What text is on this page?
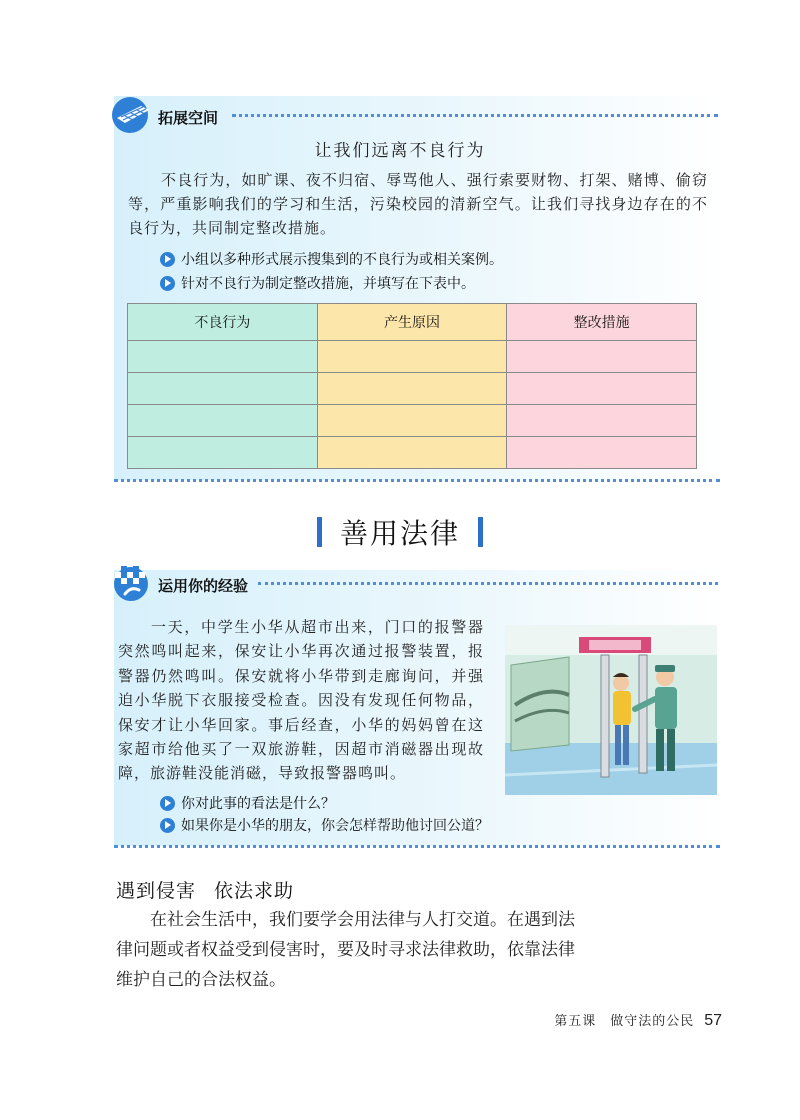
拓展空间
让我们远离不良行为
不良行为，如旷课、夜不归宿、辱骂他人、强行索要财物、打架、赌博、偷窃等，严重影响我们的学习和生活，污染校园的清新空气。让我们寻找身边存在的不良行为，共同制定整改措施。
小组以多种形式展示搜集到的不良行为或相关案例。
针对不良行为制定整改措施，并填写在下表中。
不良行为	产生原因	整改措施

善用法律
运用你的经验
一天，中学生小华从超市出来，门口的报警器突然鸣叫起来，保安让小华再次通过报警装置，报警器仍然鸣叫。保安就将小华带到走廊询问，并强迫小华脱下衣服接受检查。因没有发现任何物品，保安才让小华回家。事后经查，小华的妈妈曾在这家超市给他买了一双旅游鞋，因超市消磁器出现故障，旅游鞋没能消磁，导致报警器鸣叫。
你对此事的看法是什么？
如果你是小华的朋友，你会怎样帮助他讨回公道？
遇到侵害 依法求助
在社会生活中，我们要学会用法律与人打交道。在遇到法律问题或者权益受到侵害时，要及时寻求法律救助，依靠法律维护自己的合法权益。
第五课　做守法的公民 57
